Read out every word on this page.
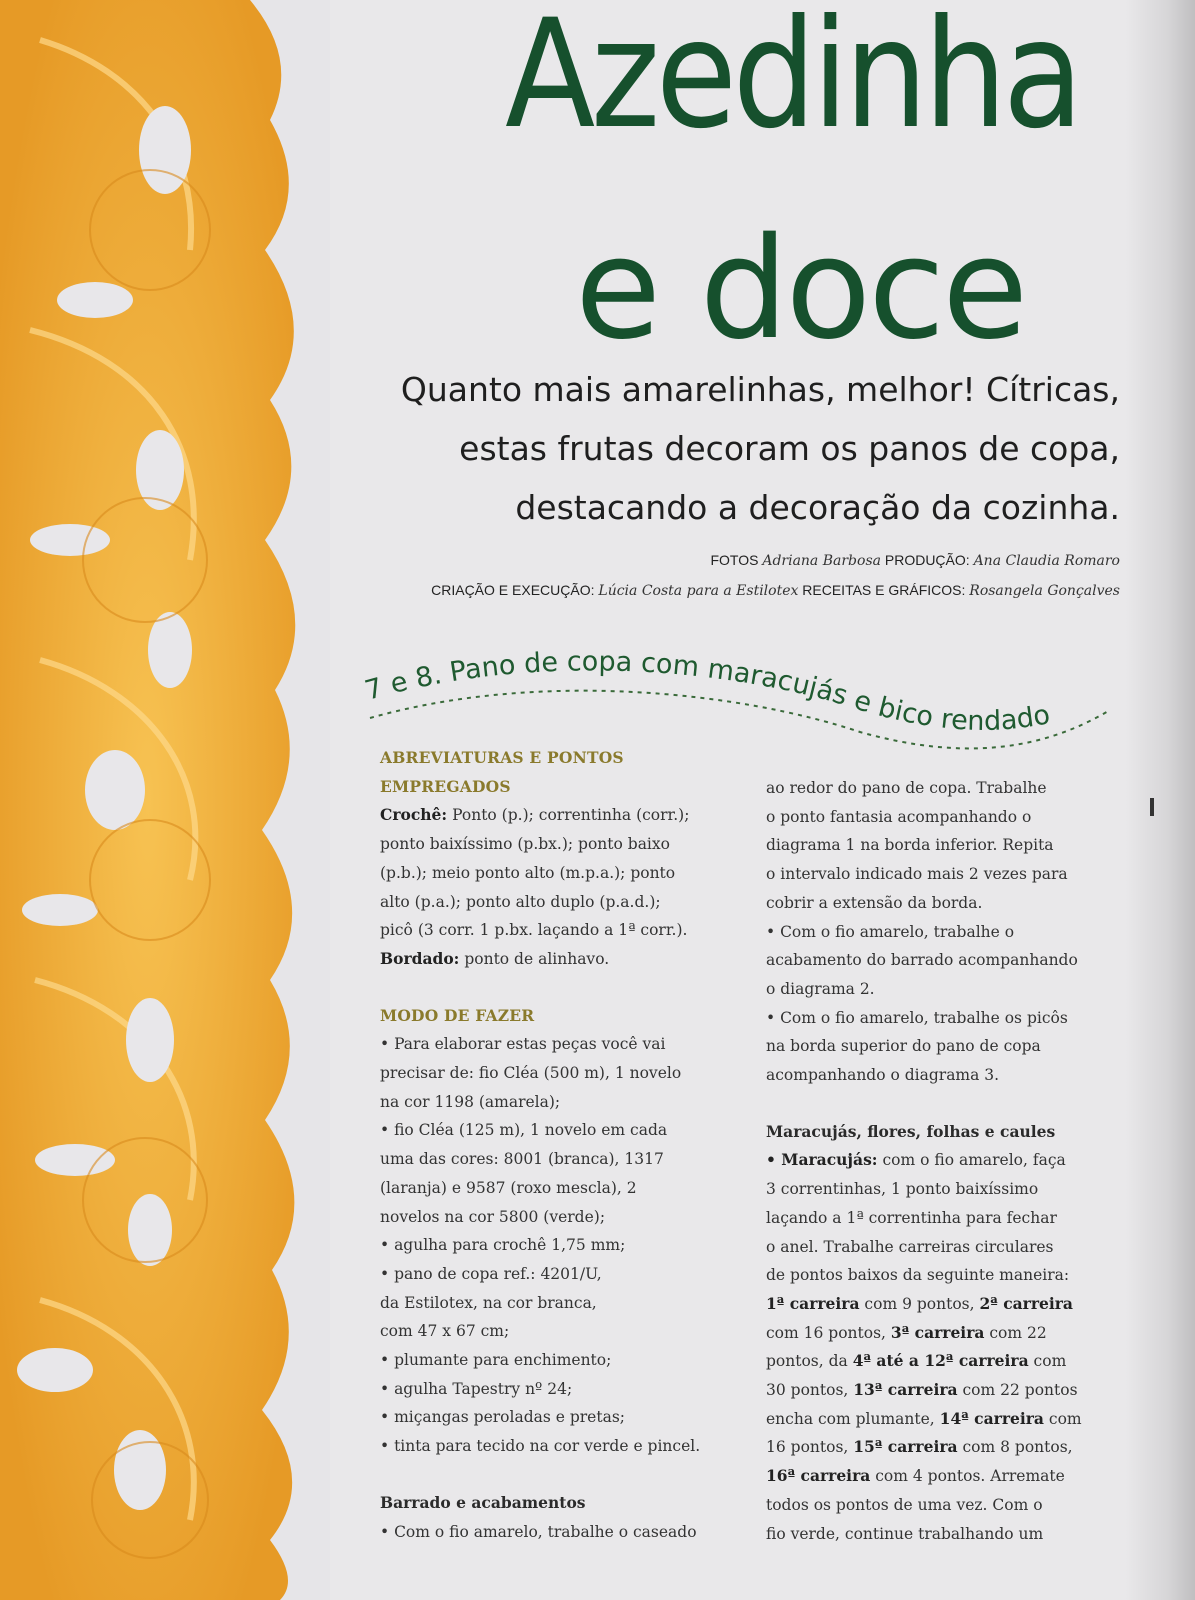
Azedinha
e doce
Quanto mais amarelinhas, melhor! Cítricas,
estas frutas decoram os panos de copa,
destacando a decoração da cozinha.
FOTOS Adriana Barbosa PRODUÇÃO: Ana Claudia Romaro
CRIAÇÃO E EXECUÇÃO: Lúcia Costa para a Estilotex RECEITAS E GRÁFICOS: Rosangela Gonçalves
7 e 8. Pano de copa com maracujás e bico rendado

ABREVIATURAS E PONTOS

EMPREGADOS

Crochê: Ponto (p.); correntinha (corr.);

ponto baixíssimo (p.bx.); ponto baixo

(p.b.); meio ponto alto (m.p.a.); ponto

alto (p.a.); ponto alto duplo (p.a.d.);

picô (3 corr. 1 p.bx. laçando a 1ª corr.).

Bordado: ponto de alinhavo.

MODO DE FAZER

• Para elaborar estas peças você vai

precisar de: fio Cléa (500 m), 1 novelo

na cor 1198 (amarela);

• fio Cléa (125 m), 1 novelo em cada

uma das cores: 8001 (branca), 1317

(laranja) e 9587 (roxo mescla), 2

novelos na cor 5800 (verde);

• agulha para crochê 1,75 mm;

• pano de copa ref.: 4201/U,

da Estilotex, na cor branca,

com 47 x 67 cm;

• plumante para enchimento;

• agulha Tapestry nº 24;

• miçangas peroladas e pretas;

• tinta para tecido na cor verde e pincel.

Barrado e acabamentos

• Com o fio amarelo, trabalhe o caseado

ao redor do pano de copa. Trabalhe

o ponto fantasia acompanhando o

diagrama 1 na borda inferior. Repita

o intervalo indicado mais 2 vezes para

cobrir a extensão da borda.

• Com o fio amarelo, trabalhe o

acabamento do barrado acompanhando

o diagrama 2.

• Com o fio amarelo, trabalhe os picôs

na borda superior do pano de copa

acompanhando o diagrama 3.

Maracujás, flores, folhas e caules

• Maracujás: com o fio amarelo, faça

3 correntinhas, 1 ponto baixíssimo

laçando a 1ª correntinha para fechar

o anel. Trabalhe carreiras circulares

de pontos baixos da seguinte maneira:

1ª carreira com 9 pontos, 2ª carreira

com 16 pontos, 3ª carreira com 22

pontos, da 4ª até a 12ª carreira com

30 pontos, 13ª carreira com 22 pontos

encha com plumante, 14ª carreira com

16 pontos, 15ª carreira com 8 pontos,

16ª carreira com 4 pontos. Arremate

todos os pontos de uma vez. Com o

fio verde, continue trabalhando um
